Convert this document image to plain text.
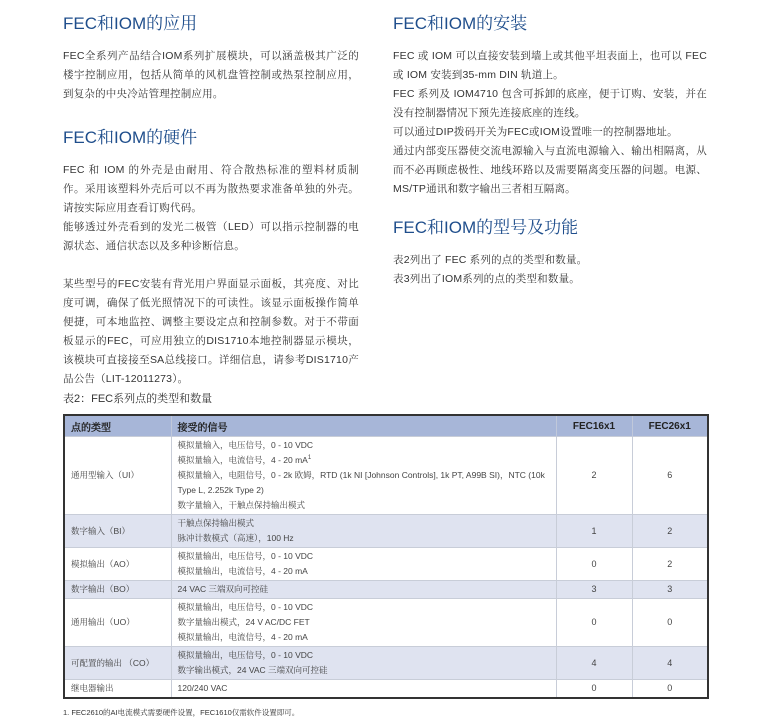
FEC和IOM的应用

FEC全系列产品结合IOM系列扩展模块，可以涵盖极其广泛的楼宇控制应用，包括从简单的风机盘管控制或热泵控制应用，到复杂的中央冷站管理控制应用。

FEC和IOM的硬件

FEC 和 IOM 的外壳是由耐用、符合散热标准的塑料材质制作。采用该塑料外壳后可以不再为散热要求准备单独的外壳。请按实际应用查看订购代码。

能够透过外壳看到的发光二极管（LED）可以指示控制器的电源状态、通信状态以及多种诊断信息。

某些型号的FEC安装有背光用户界面显示面板，其亮度、对比度可调，确保了低光照情况下的可读性。该显示面板操作简单便捷，可本地监控、调整主要设定点和控制参数。对于不带面板显示的FEC，可应用独立的DIS1710本地控制器显示模块，该模块可直接接至SA总线接口。详细信息，请参考DIS1710产品公告（LIT-12011273）。

FEC和IOM的安装

FEC 或 IOM 可以直接安装到墙上或其他平坦表面上，也可以 FEC 或 IOM 安装到35-mm DIN 轨道上。

FEC 系列及 IOM4710 包含可拆卸的底座，便于订购、安装，并在没有控制器情况下预先连接底座的连线。

可以通过DIP拨码开关为FEC或IOM设置唯一的控制器地址。

通过内部变压器使交流电源输入与直流电源输入、输出相隔离，从而不必再顾虑极性、地线环路以及需要隔离变压器的问题。电源、MS/TP通讯和数字输出三者相互隔离。

FEC和IOM的型号及功能

表2列出了 FEC 系列的点的类型和数量。

表3列出了IOM系列的点的类型和数量。

表2：FEC系列点的类型和数量
点的类型	接受的信号	FEC16x1	FEC26x1
通用型输入（UI）	模拟量输入，电压信号，0 - 10 VDC
模拟量输入，电流信号，4 - 20 $mA^1$
模拟量输入，电阻信号，0 - 2k 欧姆，RTD (1k NI [Johnson Controls], 1k PT, A99B SI)，NTC (10k Type L, 2.252k Type 2)
数字量输入，干触点保持输出模式	2	6
数字输入（BI）	干触点保持输出模式
脉冲计数模式（高速），100 Hz	1	2
模拟输出（AO）	模拟量输出，电压信号，0 - 10 VDC
模拟量输出，电流信号，4 - 20 mA	0	2
数字输出（BO）	24 VAC 三端双向可控硅	3	3
通用输出（UO）	模拟量输出，电压信号，0 - 10 VDC
数字量输出模式，24 V AC/DC FET
模拟量输出，电流信号，4 - 20 mA	0	0
可配置的输出 （CO）	模拟量输出，电压信号，0 - 10 VDC
数字输出模式，24 VAC 三端双向可控硅	4	4
继电器输出	120/240 VAC	0	0
1. FEC2610的AI电流模式需要硬件设置，FEC1610仅需软件设置即可。
